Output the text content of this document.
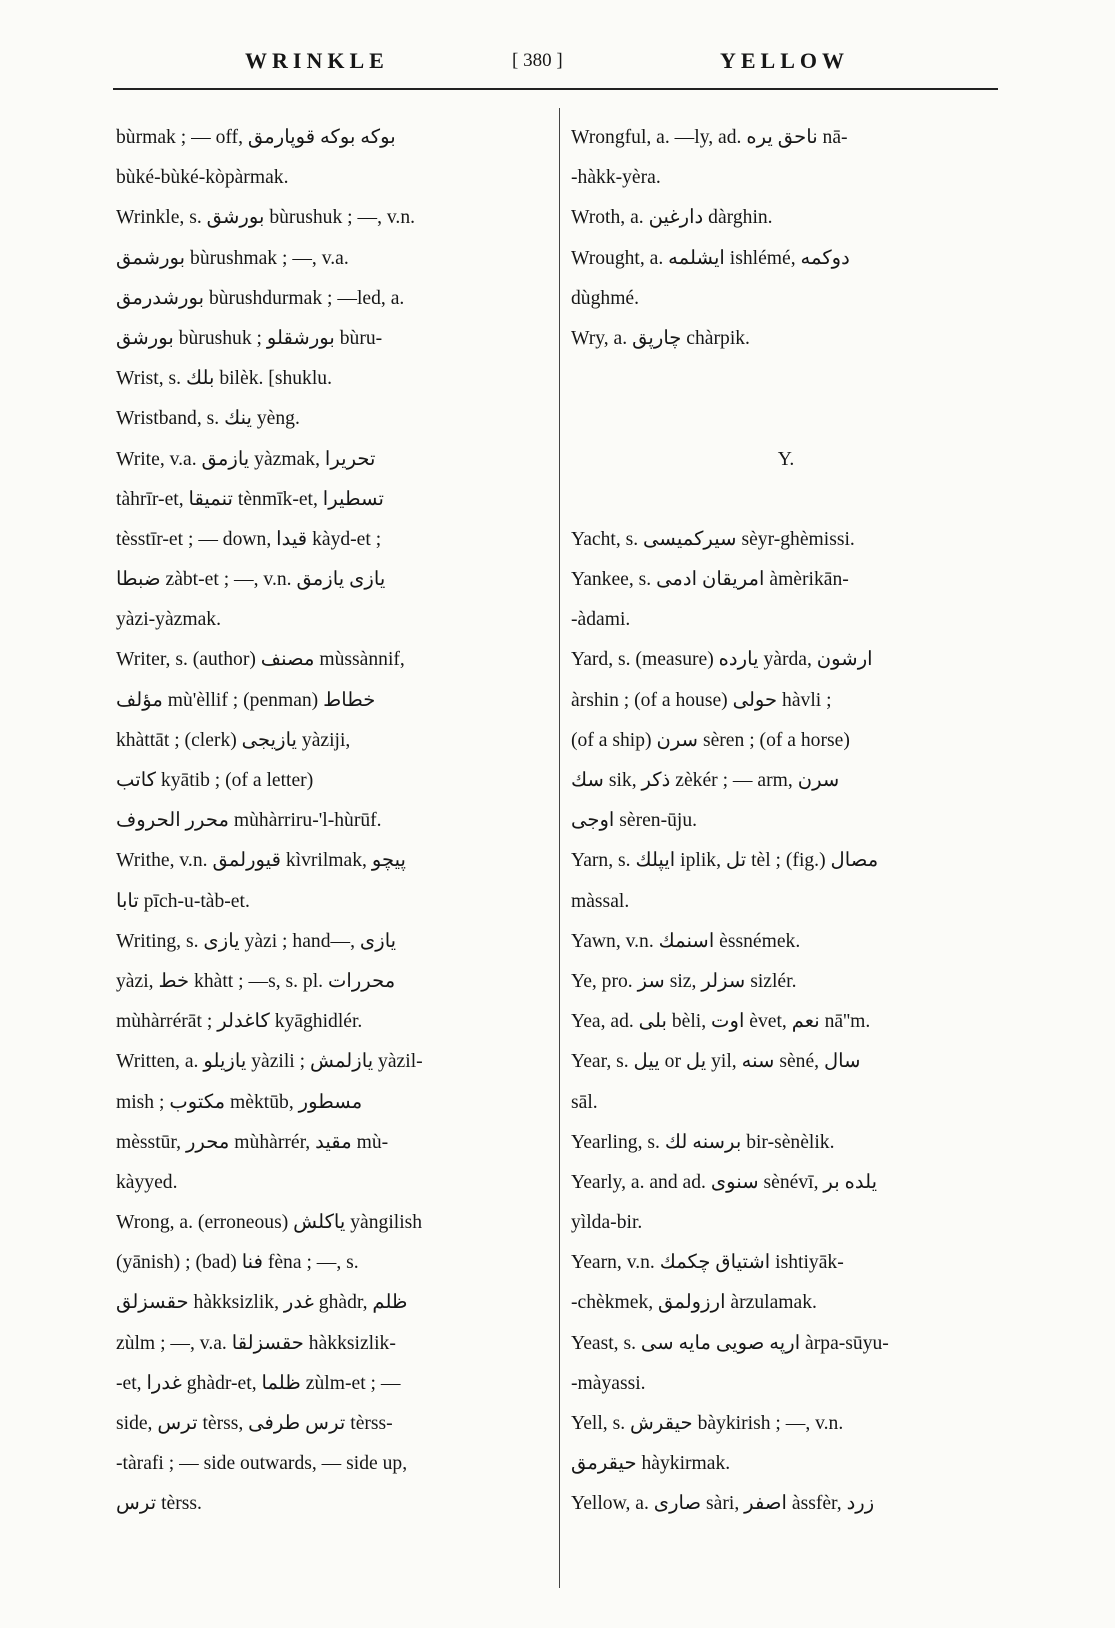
WRINKLE	[ 380 ]	YELLOW
bùrmak ; — off, بوکه بوکه قوپارمق
bùké-bùké-kòpàrmak.
Wrinkle, s. بورشق bùrushuk ; —, v.n.
بورشمق bùrushmak ; —, v.a.
بورشدرمق bùrushdurmak ; —led, a.
بورشق bùrushuk ; بورشقلو bùru-
Wrist, s. بلك bilèk. [shuklu.
Wristband, s. ينك yèng.
Write, v.a. يازمق yàzmak, تحريرا
tàhrīr-et, تنميقا tènmīk-et, تسطيرا
tèsstīr-et ; — down, قيدا kàyd-et ;
ضبطا zàbt-et ; —, v.n. يازى يازمق
yàzi-yàzmak.
Writer, s. (author) مصنف mùssànnif,
مؤلف mù'èllif ; (penman) خطاط
khàttāt ; (clerk) يازيجى yàziji,
كاتب kyātib ; (of a letter)
محرر الحروف mùhàrriru-'l-hùrūf.
Writhe, v.n. قيورلمق kìvrilmak, پيچو
تابا pīch-u-tàb-et.
Writing, s. يازى yàzi ; hand—, يازى
yàzi, خط khàtt ; —s, s. pl. محررات
mùhàrrérāt ; كاغدلر kyāghidlér.
Written, a. يازيلو yàzili ; يازلمش yàzil-
mish ; مكتوب mèktūb, مسطور
mèsstūr, محرر mùhàrrér, مقيد mù-
kàyyed.
Wrong, a. (erroneous) ياكلش yàngilish
(yānish) ; (bad) فنا fèna ; —, s.
حقسزلق hàkksizlik, غدر ghàdr, ظلم
zùlm ; —, v.a. حقسزلقا hàkksizlik-
-et, غدرا ghàdr-et, ظلما zùlm-et ; —
side, ترس tèrss, ترس طرفى tèrss-
-tàrafi ; — side outwards, — side up,
ترس tèrss.
Wrongful, a. —ly, ad. ناحق يره nā-
-hàkk-yèra.
Wroth, a. دارغين dàrghin.
Wrought, a. ايشلمه ishlémé, دوكمه
dùghmé.
Wry, a. چارپق chàrpik.
Y.
Yacht, s. سيركميسى sèyr-ghèmissi.
Yankee, s. امريقان ادمى àmèrikān-
-àdami.
Yard, s. (measure) يارده yàrda, ارشون
àrshin ; (of a house) حولى hàvli ;
(of a ship) سرن sèren ; (of a horse)
سك sik, ذكر zèkér ; — arm, سرن
اوجى sèren-ūju.
Yarn, s. ايپلك iplik, تل tèl ; (fig.) مصال
màssal.
Yawn, v.n. اسنمك èssnémek.
Ye, pro. سز siz, سزلر sizlér.
Yea, ad. بلى bèli, اوت èvet, نعم nā''m.
Year, s. ييل or يل yil, سنه sèné, سال
sāl.
Yearling, s. برسنه لك bir-sènèlik.
Yearly, a. and ad. سنوى sènévī, يلده بر
yìlda-bir.
Yearn, v.n. اشتياق چكمك ishtiyāk-
-chèkmek, ارزولمق àrzulamak.
Yeast, s. ارپه صويى مايه سى àrpa-sūyu-
-màyassi.
Yell, s. حيقرش bàykirish ; —, v.n.
حيقرمق hàykirmak.
Yellow, a. صارى sàri, اصفر àssfèr, زرد
